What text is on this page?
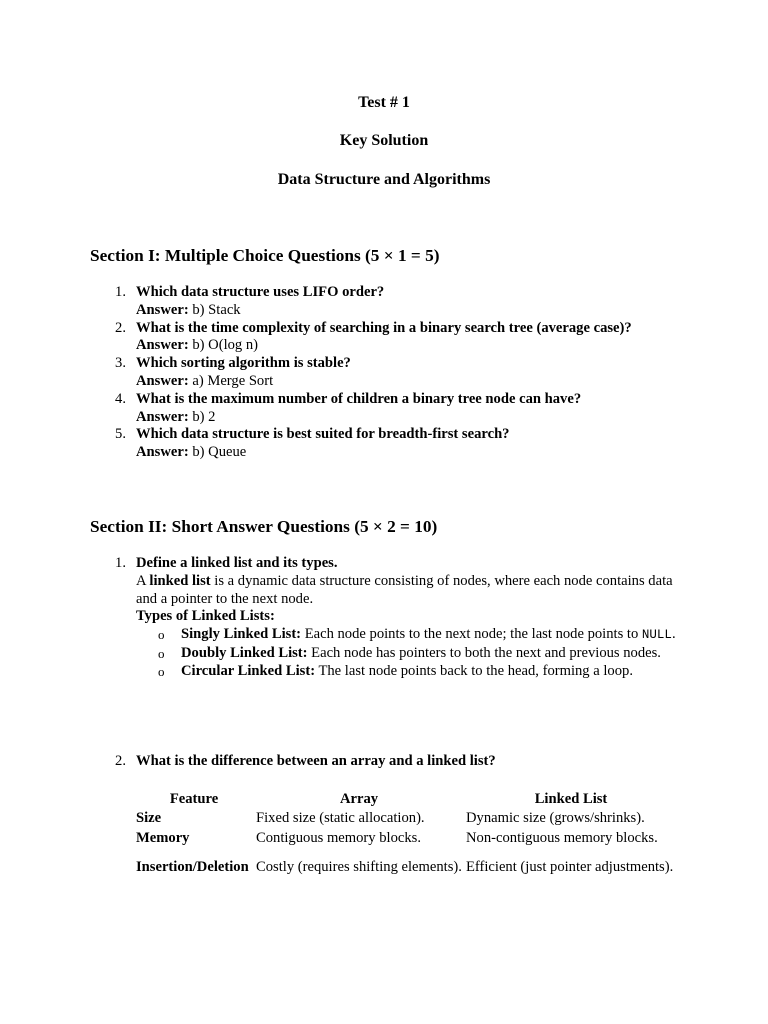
Test # 1
Key Solution
Data Structure and Algorithms
Section I: Multiple Choice Questions (5 × 1 = 5)
1. Which data structure uses LIFO order?
Answer: b) Stack
2. What is the time complexity of searching in a binary search tree (average case)?
Answer: b) O(log n)
3. Which sorting algorithm is stable?
Answer: a) Merge Sort
4. What is the maximum number of children a binary tree node can have?
Answer: b) 2
5. Which data structure is best suited for breadth-first search?
Answer: b) Queue
Section II: Short Answer Questions (5 × 2 = 10)
1. Define a linked list and its types.
A linked list is a dynamic data structure consisting of nodes, where each node contains data and a pointer to the next node.
Types of Linked Lists:
o Singly Linked List: Each node points to the next node; the last node points to NULL.
o Doubly Linked List: Each node has pointers to both the next and previous nodes.
o Circular Linked List: The last node points back to the head, forming a loop.
2. What is the difference between an array and a linked list?
Feature	Array	Linked List
Size	Fixed size (static allocation).	Dynamic size (grows/shrinks).
Memory	Contiguous memory blocks.	Non-contiguous memory blocks.
Insertion/Deletion	Costly (requires shifting elements).	Efficient (just pointer adjustments).
